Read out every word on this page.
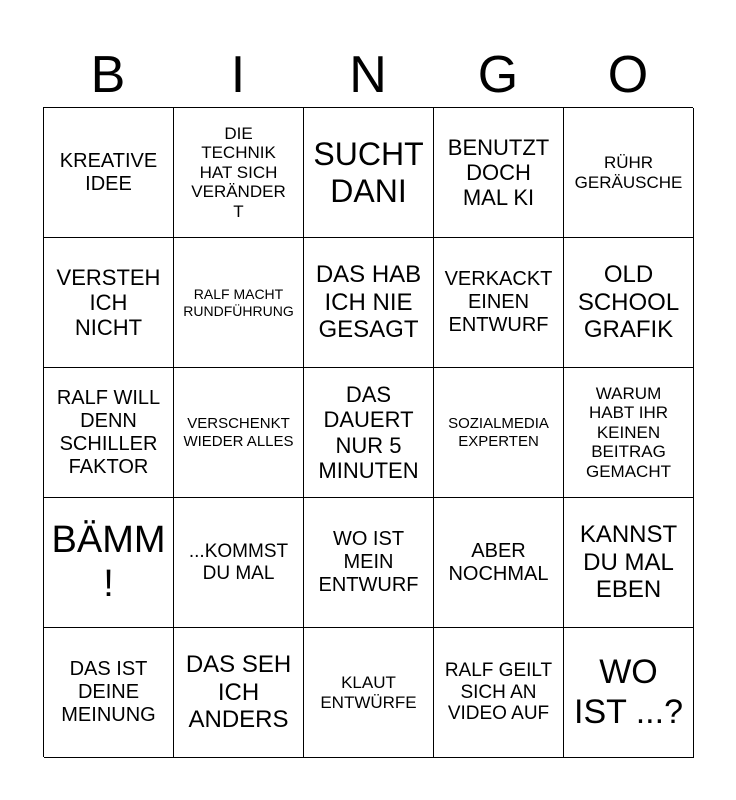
B	I	N	G	O
KREATIVE IDEE
DIE TECHNIK HAT SICH VERÄNDERT
SUCHT DANI
BENUTZT DOCH MAL KI
RÜHR GERÄUSCHE
VERSTEH ICH NICHT
RALF MACHT RUNDFÜHRUNG
DAS HAB ICH NIE GESAGT
VERKACKT EINEN ENTWURF
OLD SCHOOL GRAFIK
RALF WILL DENN SCHILLER FAKTOR
VERSCHENKT WIEDER ALLES
DAS DAUERT NUR 5 MINUTEN
SOZIALMEDIA EXPERTEN
WARUM HABT IHR KEINEN BEITRAG GEMACHT
BÄMM !
...KOMMST DU MAL
WO IST MEIN ENTWURF
ABER NOCHMAL
KANNST DU MAL EBEN
DAS IST DEINE MEINUNG
DAS SEH ICH ANDERS
KLAUT ENTWÜRFE
RALF GEILT SICH AN VIDEO AUF
WO IST ...?
